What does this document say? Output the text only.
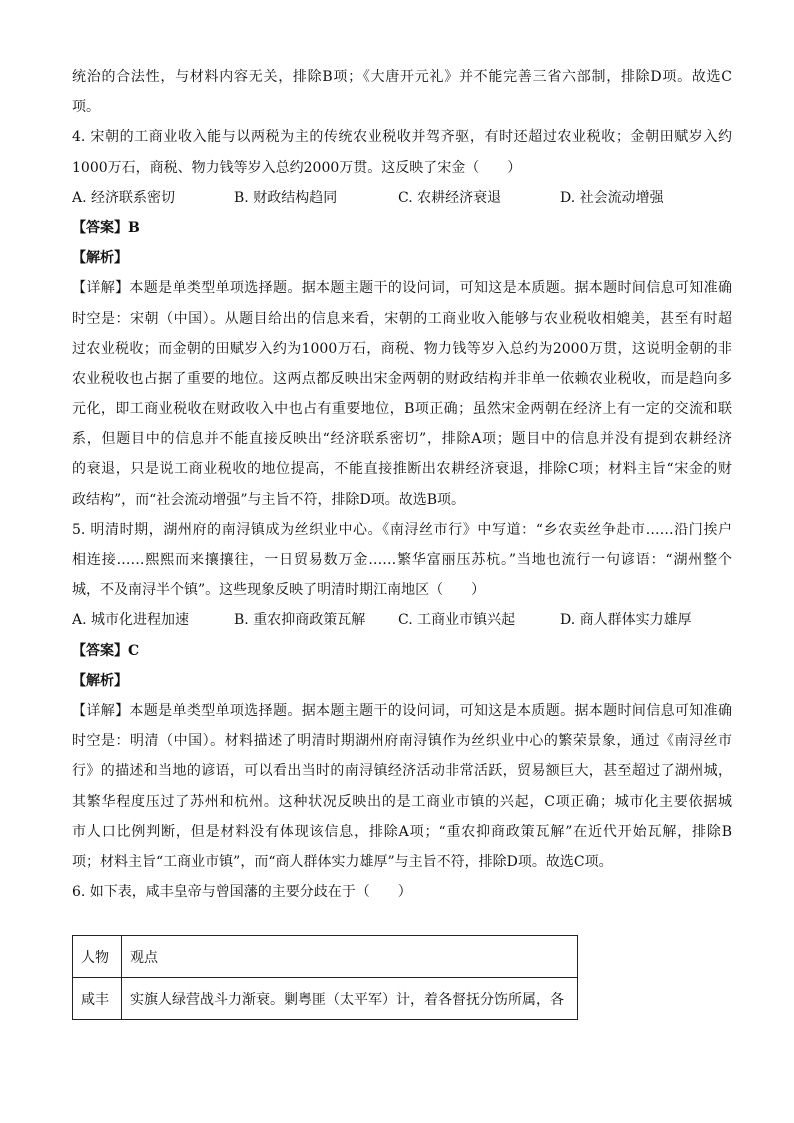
统治的合法性，与材料内容无关，排除B项；《大唐开元礼》并不能完善三省六部制，排除D项。故选C
项。
4. 宋朝的工商业收入能与以两税为主的传统农业税收并驾齐驱，有时还超过农业税收；金朝田赋岁入约
1000万石，商税、物力钱等岁入总约2000万贯。这反映了宋金（　　）
A. 经济联系密切	B. 财政结构趋同	C. 农耕经济衰退	D. 社会流动增强
【答案】B
【解析】
【详解】本题是单类型单项选择题。据本题主题干的设问词，可知这是本质题。据本题时间信息可知准确
时空是：宋朝（中国）。从题目给出的信息来看，宋朝的工商业收入能够与农业税收相媲美，甚至有时超
过农业税收；而金朝的田赋岁入约为1000万石，商税、物力钱等岁入总约为2000万贯，这说明金朝的非
农业税收也占据了重要的地位。这两点都反映出宋金两朝的财政结构并非单一依赖农业税收，而是趋向多
元化，即工商业税收在财政收入中也占有重要地位，B项正确；虽然宋金两朝在经济上有一定的交流和联
系，但题目中的信息并不能直接反映出“经济联系密切”，排除A项；题目中的信息并没有提到农耕经济
的衰退，只是说工商业税收的地位提高，不能直接推断出农耕经济衰退，排除C项；材料主旨“宋金的财
政结构”，而“社会流动增强”与主旨不符，排除D项。故选B项。
5. 明清时期，湖州府的南浔镇成为丝织业中心。《南浔丝市行》中写道：“乡农卖丝争赴市……沿门挨户
相连接……熙熙而来攘攘往，一日贸易数万金……繁华富丽压苏杭。”当地也流行一句谚语：“湖州整个
城，不及南浔半个镇”。这些现象反映了明清时期江南地区（　　）
A. 城市化进程加速	B. 重农抑商政策瓦解	C. 工商业市镇兴起	D. 商人群体实力雄厚
【答案】C
【解析】
【详解】本题是单类型单项选择题。据本题主题干的设问词，可知这是本质题。据本题时间信息可知准确
时空是：明清（中国）。材料描述了明清时期湖州府南浔镇作为丝织业中心的繁荣景象，通过《南浔丝市
行》的描述和当地的谚语，可以看出当时的南浔镇经济活动非常活跃，贸易额巨大，甚至超过了湖州城，
其繁华程度压过了苏州和杭州。这种状况反映出的是工商业市镇的兴起，C项正确；城市化主要依据城
市人口比例判断，但是材料没有体现该信息，排除A项；“重农抑商政策瓦解”在近代开始瓦解，排除B
项；材料主旨“工商业市镇”，而“商人群体实力雄厚”与主旨不符，排除D项。故选C项。
6. 如下表，咸丰皇帝与曾国藩的主要分歧在于（　　）
人物	观点
咸丰	实旗人绿营战斗力渐衰。剿粤匪（太平军）计，着各督抚分饬所属，各
